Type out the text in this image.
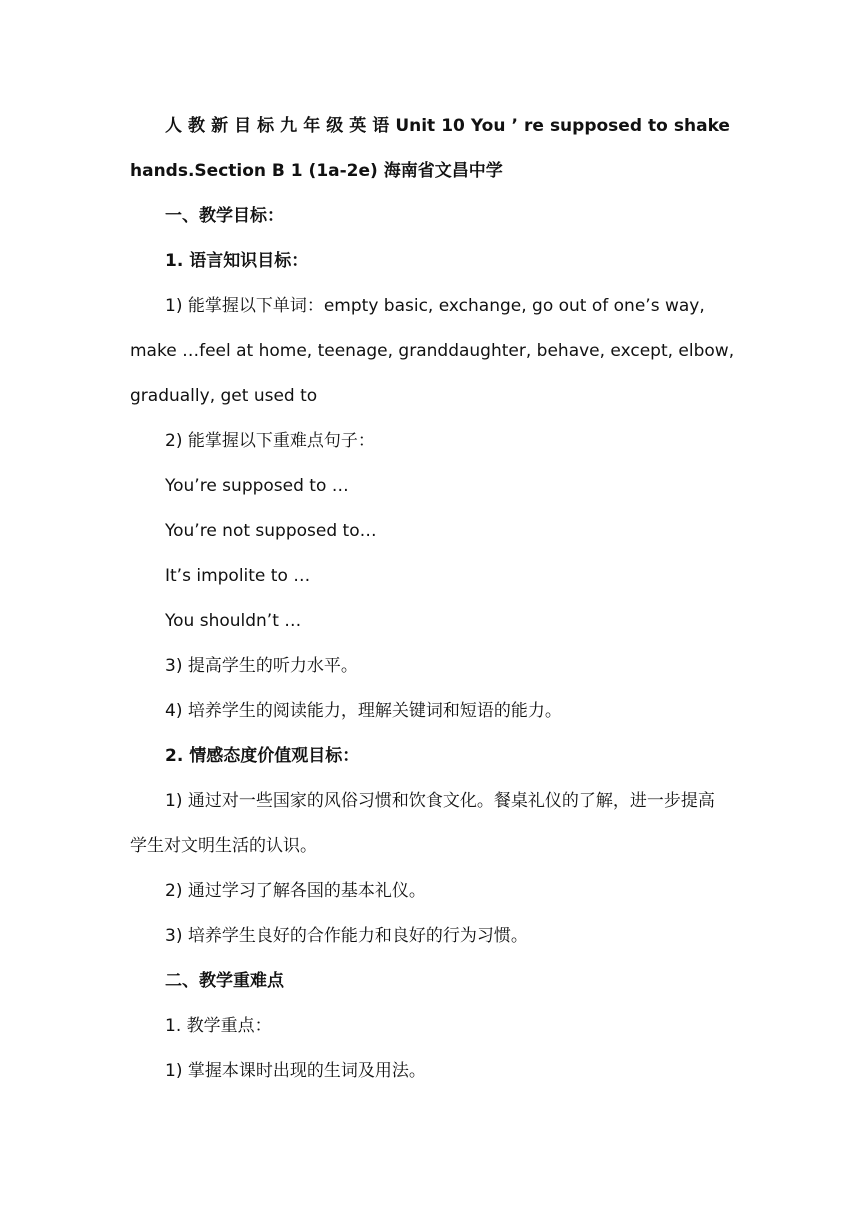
人 教 新 目 标 九 年 级 英 语 Unit 10 You ’ re supposed to shake
hands.Section B 1 (1a-2e) 海南省文昌中学
一、教学目标：
1. 语言知识目标：
1) 能掌握以下单词：empty basic, exchange, go out of one’s way,
make …feel at home, teenage, granddaughter, behave, except, elbow,
gradually, get used to
2) 能掌握以下重难点句子：
You’re supposed to …
You’re not supposed to…
It’s impolite to …
You shouldn’t …
3) 提高学生的听力水平。
4) 培养学生的阅读能力，理解关键词和短语的能力。
2. 情感态度价值观目标：
1) 通过对一些国家的风俗习惯和饮食文化。餐桌礼仪的了解，进一步提高
学生对文明生活的认识。
2) 通过学习了解各国的基本礼仪。
3) 培养学生良好的合作能力和良好的行为习惯。
二、教学重难点
1. 教学重点：
1) 掌握本课时出现的生词及用法。
